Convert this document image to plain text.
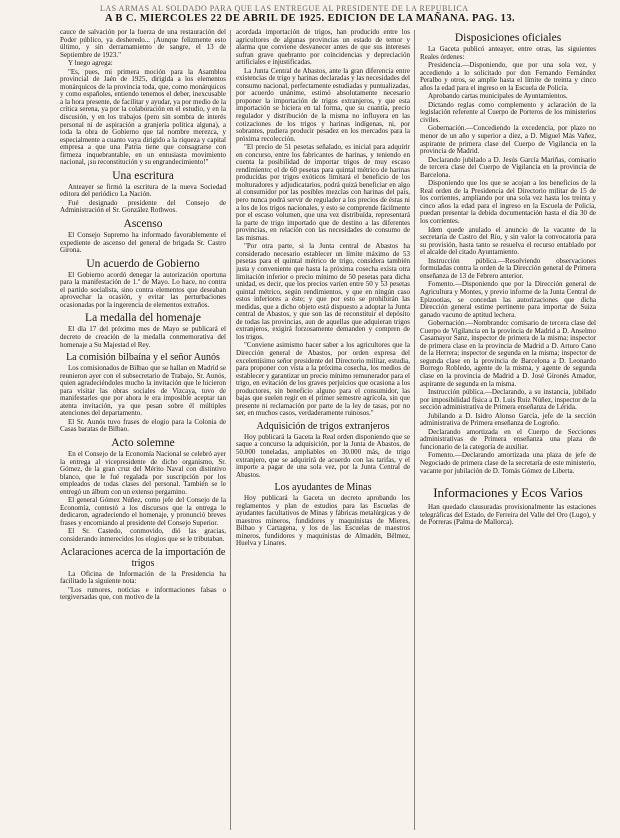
LAS ARMAS AL SOLDADO PARA QUE LAS ENTREGUE AL PRESIDENTE DE LA REPUBLICA
A B C. MIERCOLES 22 DE ABRIL DE 1925. EDICION DE LA MAÑANA. PAG. 13.

cauce de salvación por la fuerza de una restauración del Poder público, ya desheredo... ¡Aunque felizmente esto último, y sin derramamiento de sangre, el 13 de Septiembre de 1923."

Y luego agrega:

"Es, pues, mi primera moción para la Asamblea provincial de Jaén de 1925, dirigida a los elementos monárquicos de la provincia toda, que, como monárquicos y como españoles, entiendo tenemos el deber, inexcusable a la hora presente, de facilitar y ayudar, ya por medio de la crítica serena, ya por la colaboración en el estudio, y en la discusión, y en los trabajos (pero sin sombra de interés personal ni de aspiración a granjería política alguna), a toda la obra de Gobierno que tal nombre merezca, y especialmente a cuanto vaya dirigido a la riqueza y capital empresa a que una Patria tiene que consagrarse con firmeza inquebrantable, en un entusiasta movimiento nacional, ¡su reconstitución y su engrandecimiento!"

Una escritura

Anteayer se firmó la escritura de la nueva Sociedad editora del periódico La Nación.

Fué designado presidente del Consejo de Administración el Sr. González Rothwos.

Ascenso

El Consejo Supremo ha informado favorablemente el expediente de ascenso del general de brigada Sr. Castro Girona.

Un acuerdo de Gobierno

El Gobierno acordó denegar la autorización oportuna para la manifestación de 1.º de Mayo. Lo hace, no contra el partido socialista, sino contra elementos que deseaban aprovechar la ocasión, y evitar las perturbaciones ocasionadas por la ingerencia de elementos extraños.

La medalla del homenaje

El día 17 del próximo mes de Mayo se publicará el decreto de creación de la medalla conmemorativa del homenaje a Su Majestad el Rey.

La comisión bilbaína y el señor Aunós

Los comisionados de Bilbao que se hallan en Madrid se reunieron ayer con el subsecretario de Trabajo, Sr. Aunós, quien agradeciéndoles mucho la invitación que le hicieron para visitar las obras sociales de Vizcaya, tuvo de manifestarles que por ahora le era imposible aceptar tan atenta invitación, ya que pesan sobre él múltiples atenciones del departamento.

El Sr. Aunós tuvo frases de elogio para la Colonia de Casas baratas de Bilbao.

Acto solemne

En el Consejo de la Economía Nacional se celebró ayer la entrega al vicepresidente de dicho organismo, Sr. Gómez, de la gran cruz del Mérito Naval con distintivo blanco, que le fué regalada por suscripción por los empleados de todas clases del personal. También se le entregó un álbum con un extenso pergamino.

El general Gómez Núñez, como jefe del Consejo de la Economía, contestó a los discursos que la entrega le dedicaron, agradeciendo el homenaje, y pronunció breves frases y encomiando al presidente del Consejo Superior.

El Sr. Castedo, conmovido, dió las gracias, considerando inmerecidos los elogios que se le tributaban.

Aclaraciones acerca de la importación de trigos

La Oficina de Información de la Presidencia ha facilitado la siguiente nota:

"Los rumores, noticias e informaciones falsas o tergiversadas que, con motivo de la

acordada importación de trigos, han producido entre los agricultores de algunas provincias un estado de temor y alarma que conviene desvanecer antes de que sus intereses sufran grave quebranto por coincidencias y depreciación artificiales e injustificadas.

La Junta Central de Abastos, ante la gran diferencia entre existencias de trigo y harinas declaradas y las necesidades del consumo nacional, perfectamente estudiadas y puntualizadas, por acuerdo unánime, estimó absolutamente necesario proponer la importación de trigos extranjeros, y que esta importación se hiciera en tal forma, que su cuantía, precio regulador y distribución de la misma no influyera en las cotizaciones de los trigos y harinas indígenas, ni, por sobrantes, pudiera producir pesadez en los mercados para la próxima recolección.

"El precio de 51 pesetas señalado, es inicial para adquirir en concurso, entre los fabricantes de harinas, y teniendo en cuenta la posibilidad de importar trigos de muy escaso rendimiento; el de 60 pesetas para quintal métrico de harinas producidas por trigos exóticos limitará el beneficio de los molturadores y adjudicatarios, podrá quizá beneficiar en algo al consumidor por las posibles mezclas con harinas del país, pero nunca podrá servir de regulador a los precios de éstas ni a los de los trigos nacionales, y esto se comprende fácilmente por el escaso volumen, que una vez distribuída, representará la parte de trigo importado que de destino a las diferentes provincias, en relación con las necesidades de consumo de las mismas.

"Por otra parte, si la Junta central de Abastos ha considerado necesario establecer un límite máximo de 53 pesetas para el quintal métrico de trigo, considera también justa y conveniente que hasta la próxima cosecha exista otra limitación inferior o precio mínimo de 50 pesetas para dicha unidad, es decir, que los precios varíen entre 50 y 53 pesetas quintal métrico, según rendimientos, y que en ningún caso estos inferiores a éste; y que por esto se prohibirán las medidas, que a dicho objeto está dispuesto a adoptar la Junta central de Abastos, y que son las de reconstituir el depósito de todas las provincias, aun de aquellas que adquieran trigos extranjeros, exigirá forzosamente demanden y compren de los trigos.

"Conviene asimismo hacer saber a los agricultores que la Dirección general de Abastos, por orden expresa del excelentísimo señor presidente del Directorio militar, estudia, para proponer con vista a la próxima cosecha, los medios de establecer y garantizar un precio mínimo remunerador para el trigo, en evitación de los graves perjuicios que ocasiona a los productores, sin beneficio alguno para el consumidor, las bajas que suelen regir en el primer semestre agrícola, sin que presente ni reclamación por parte de la ley de tasas, por no ser, en muchos casos, verdaderamente ruinosos."

Adquisición de trigos extranjeros

Hoy publicará la Gaceta la Real orden disponiendo que se saque a concurso la adquisición, por la Junta de Abastos, de 50.000 toneladas, ampliables en 30.000 más, de trigo extranjero, que se adquirirá de acuerdo con las tarifas, y el importe a pagar de una sola vez, por la Junta Central de Abastos.

Los ayudantes de Minas

Hoy publicará la Gaceta un decreto aprobando los reglamentos y plan de estudios para las Escuelas de ayudantes facultativos de Minas y fábricas metalúrgicas y de maestros mineros, fundidores y maquinistas de Mieres, Bilbao y Cartagena, y los de las Escuelas de maestros mineros, fundidores y maquinistas de Almadén, Bélmez, Huelva y Linares.

Disposiciones oficiales

La Gaceta publicó anteayer, entre otras, las siguientes Reales órdenes:

Presidencia.—Disponiendo, que por una sola vez, y accediendo a lo solicitado por don Fernando Fernández Peralbo y otros, se amplíe hasta el límite de treinta y cinco años la edad para el ingreso en la Escuela de Policía.

Aprobando cartas municipales de Ayuntamientos.

Dictando reglas como complemento y aclaración de la legislación referente al Cuerpo de Porteros de los ministerios civiles.

Gobernación.—Concediendo la excedencia, por plazo no menor de un año y superior a diez, a D. Miguel Más Vañez, aspirante de primera clase del Cuerpo de Vigilancia en la provincia de Madrid.

Declarando jubilado a D. Jesús García Mariñas, comisario de tercera clase del Cuerpo de Vigilancia en la provincia de Barcelona.

Disponiendo que los que se acojan a los beneficios de la Real orden de la Presidencia del Directorio militar de 15 de los corrientes, ampliando por una sola vez hasta los treinta y cinco años la edad para el ingreso en la Escuela de Policía, puedan presentar la debida documentación hasta el día 30 de los corrientes.

Idem quede anulado el anuncio de la vacante de la secretaría de Castro del Río, y sin valor la convocatoria para su provisión, hasta tanto se resuelva el recurso entablado por el alcalde del citado Ayuntamiento.

Instrucción pública.—Resolviendo observaciones formuladas contra la orden de la Dirección general de Primera enseñanza de 13 de Febrero anterior.

Fomento.—Disponiendo que por la Dirección general de Agricultura y Montes, y previo informe de la Junta Central de Epizootias, se concedan las autorizaciones que dicha Dirección general estime pertinente para importar de Suiza ganado vacuno de aptitud lechera.

Gobernación.—Nombrando: comisario de tercera clase del Cuerpo de Vigilancia en la provincia de Madrid a D. Anselmo Casamayor Sanz, inspector de primera de la misma; inspector de primera clase en la provincia de Madrid a D. Arturo Cano de la Herrera; inspector de segunda en la misma; inspector de segunda clase en la provincia de Barcelona a D. Leonardo Borrego Robledo, agente de la misma, y agente de segunda clase en la provincia de Madrid a D. José Gironés Amador, aspirante de segunda en la misma.

Instrucción pública.—Declarando, a su instancia, jubilado por imposibilidad física a D. Luis Ruiz Núñez, inspector de la sección administrativa de Primera enseñanza de Lérida.

Jubilando a D. Isidro Alonso García, jefe de la sección administrativa de Primera enseñanza de Logroño.

Declarando amortizada en el Cuerpo de Secciones administrativas de Primera enseñanza una plaza de funcionario de la categoría de auxiliar.

Fomento.—Declarando amortizada una plaza de jefe de Negociado de primera clase de la secretaría de este ministerio, vacante por jubilación de D. Tomás Gómez de Liberta.

Informaciones y Ecos Varios

Han quedado clausuradas provisionalmente las estaciones telegráficas del Estado, de Ferreira del Valle del Oro (Lugo), y de Porreras (Palma de Mallorca).
